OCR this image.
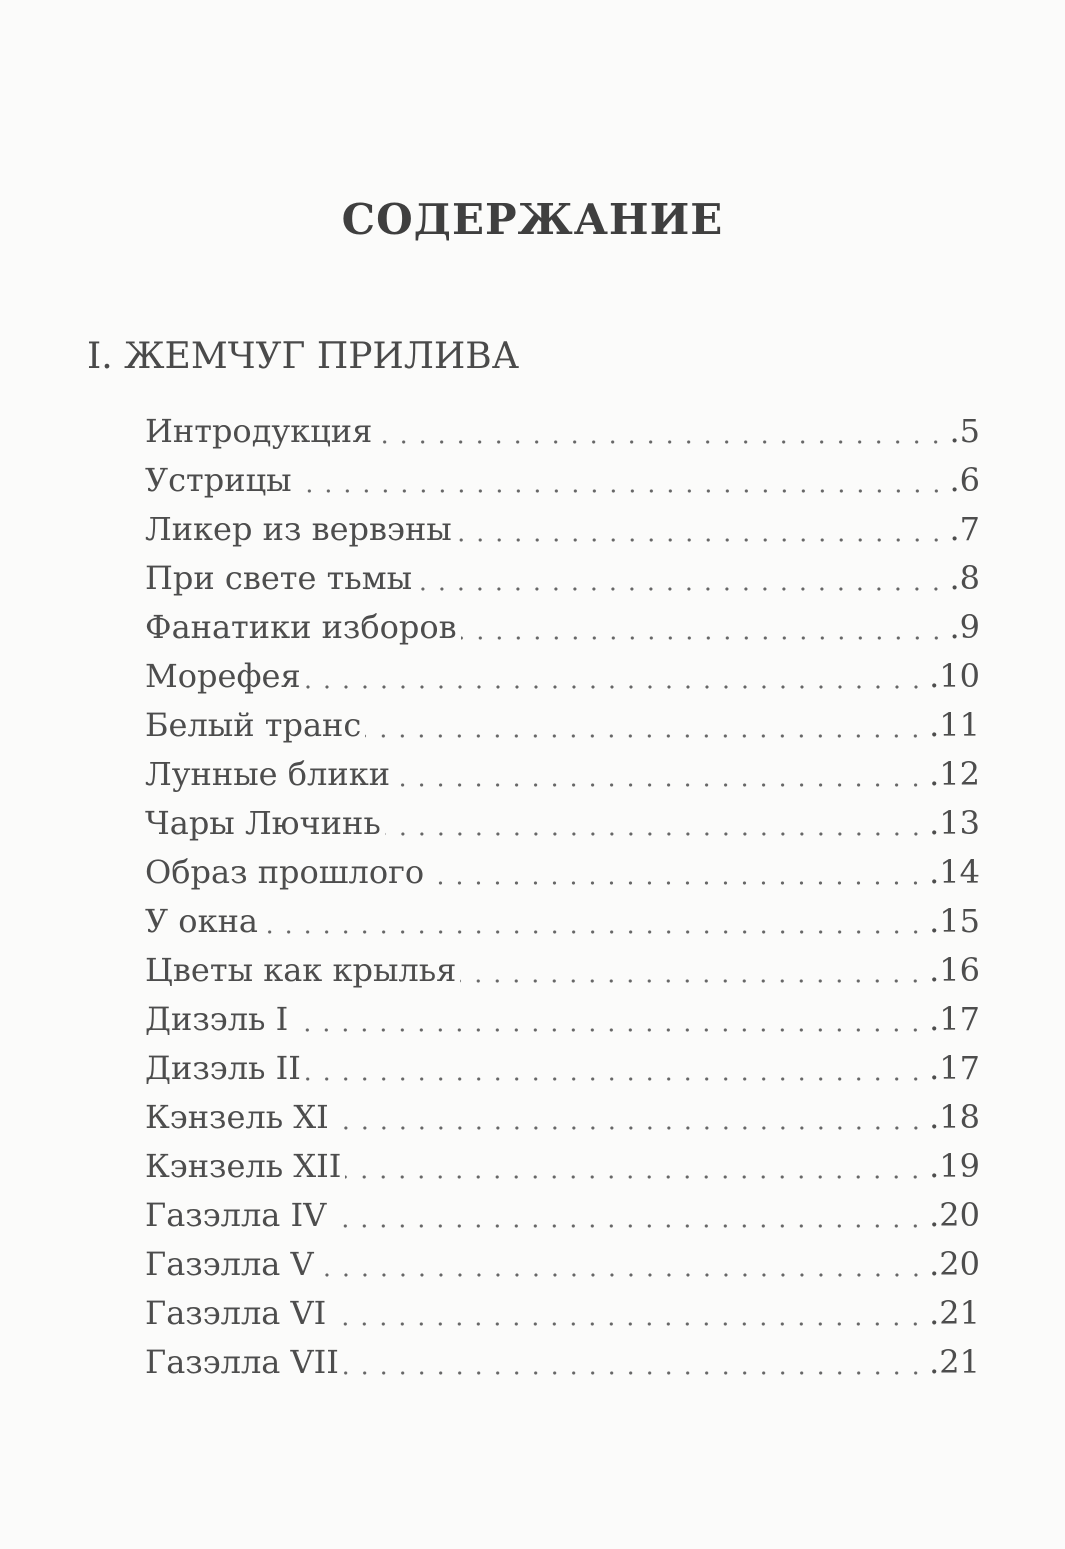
СОДЕРЖАНИЕ
I. ЖЕМЧУГ ПРИЛИВА
Интродукция	.5
Устрицы	.6
Ликер из вервэны	.7
При свете тьмы	.8
Фанатики изборов	.9
Морефея	.10
Белый транс	.11
Лунные блики	.12
Чары Лючинь	.13
Образ прошлого	.14
У окна	.15
Цветы как крылья	.16
Дизэль I	.17
Дизэль II	.17
Кэнзель XI	.18
Кэнзель XII	.19
Газэлла IV	.20
Газэлла V	.20
Газэлла VI	.21
Газэлла VII	.21
